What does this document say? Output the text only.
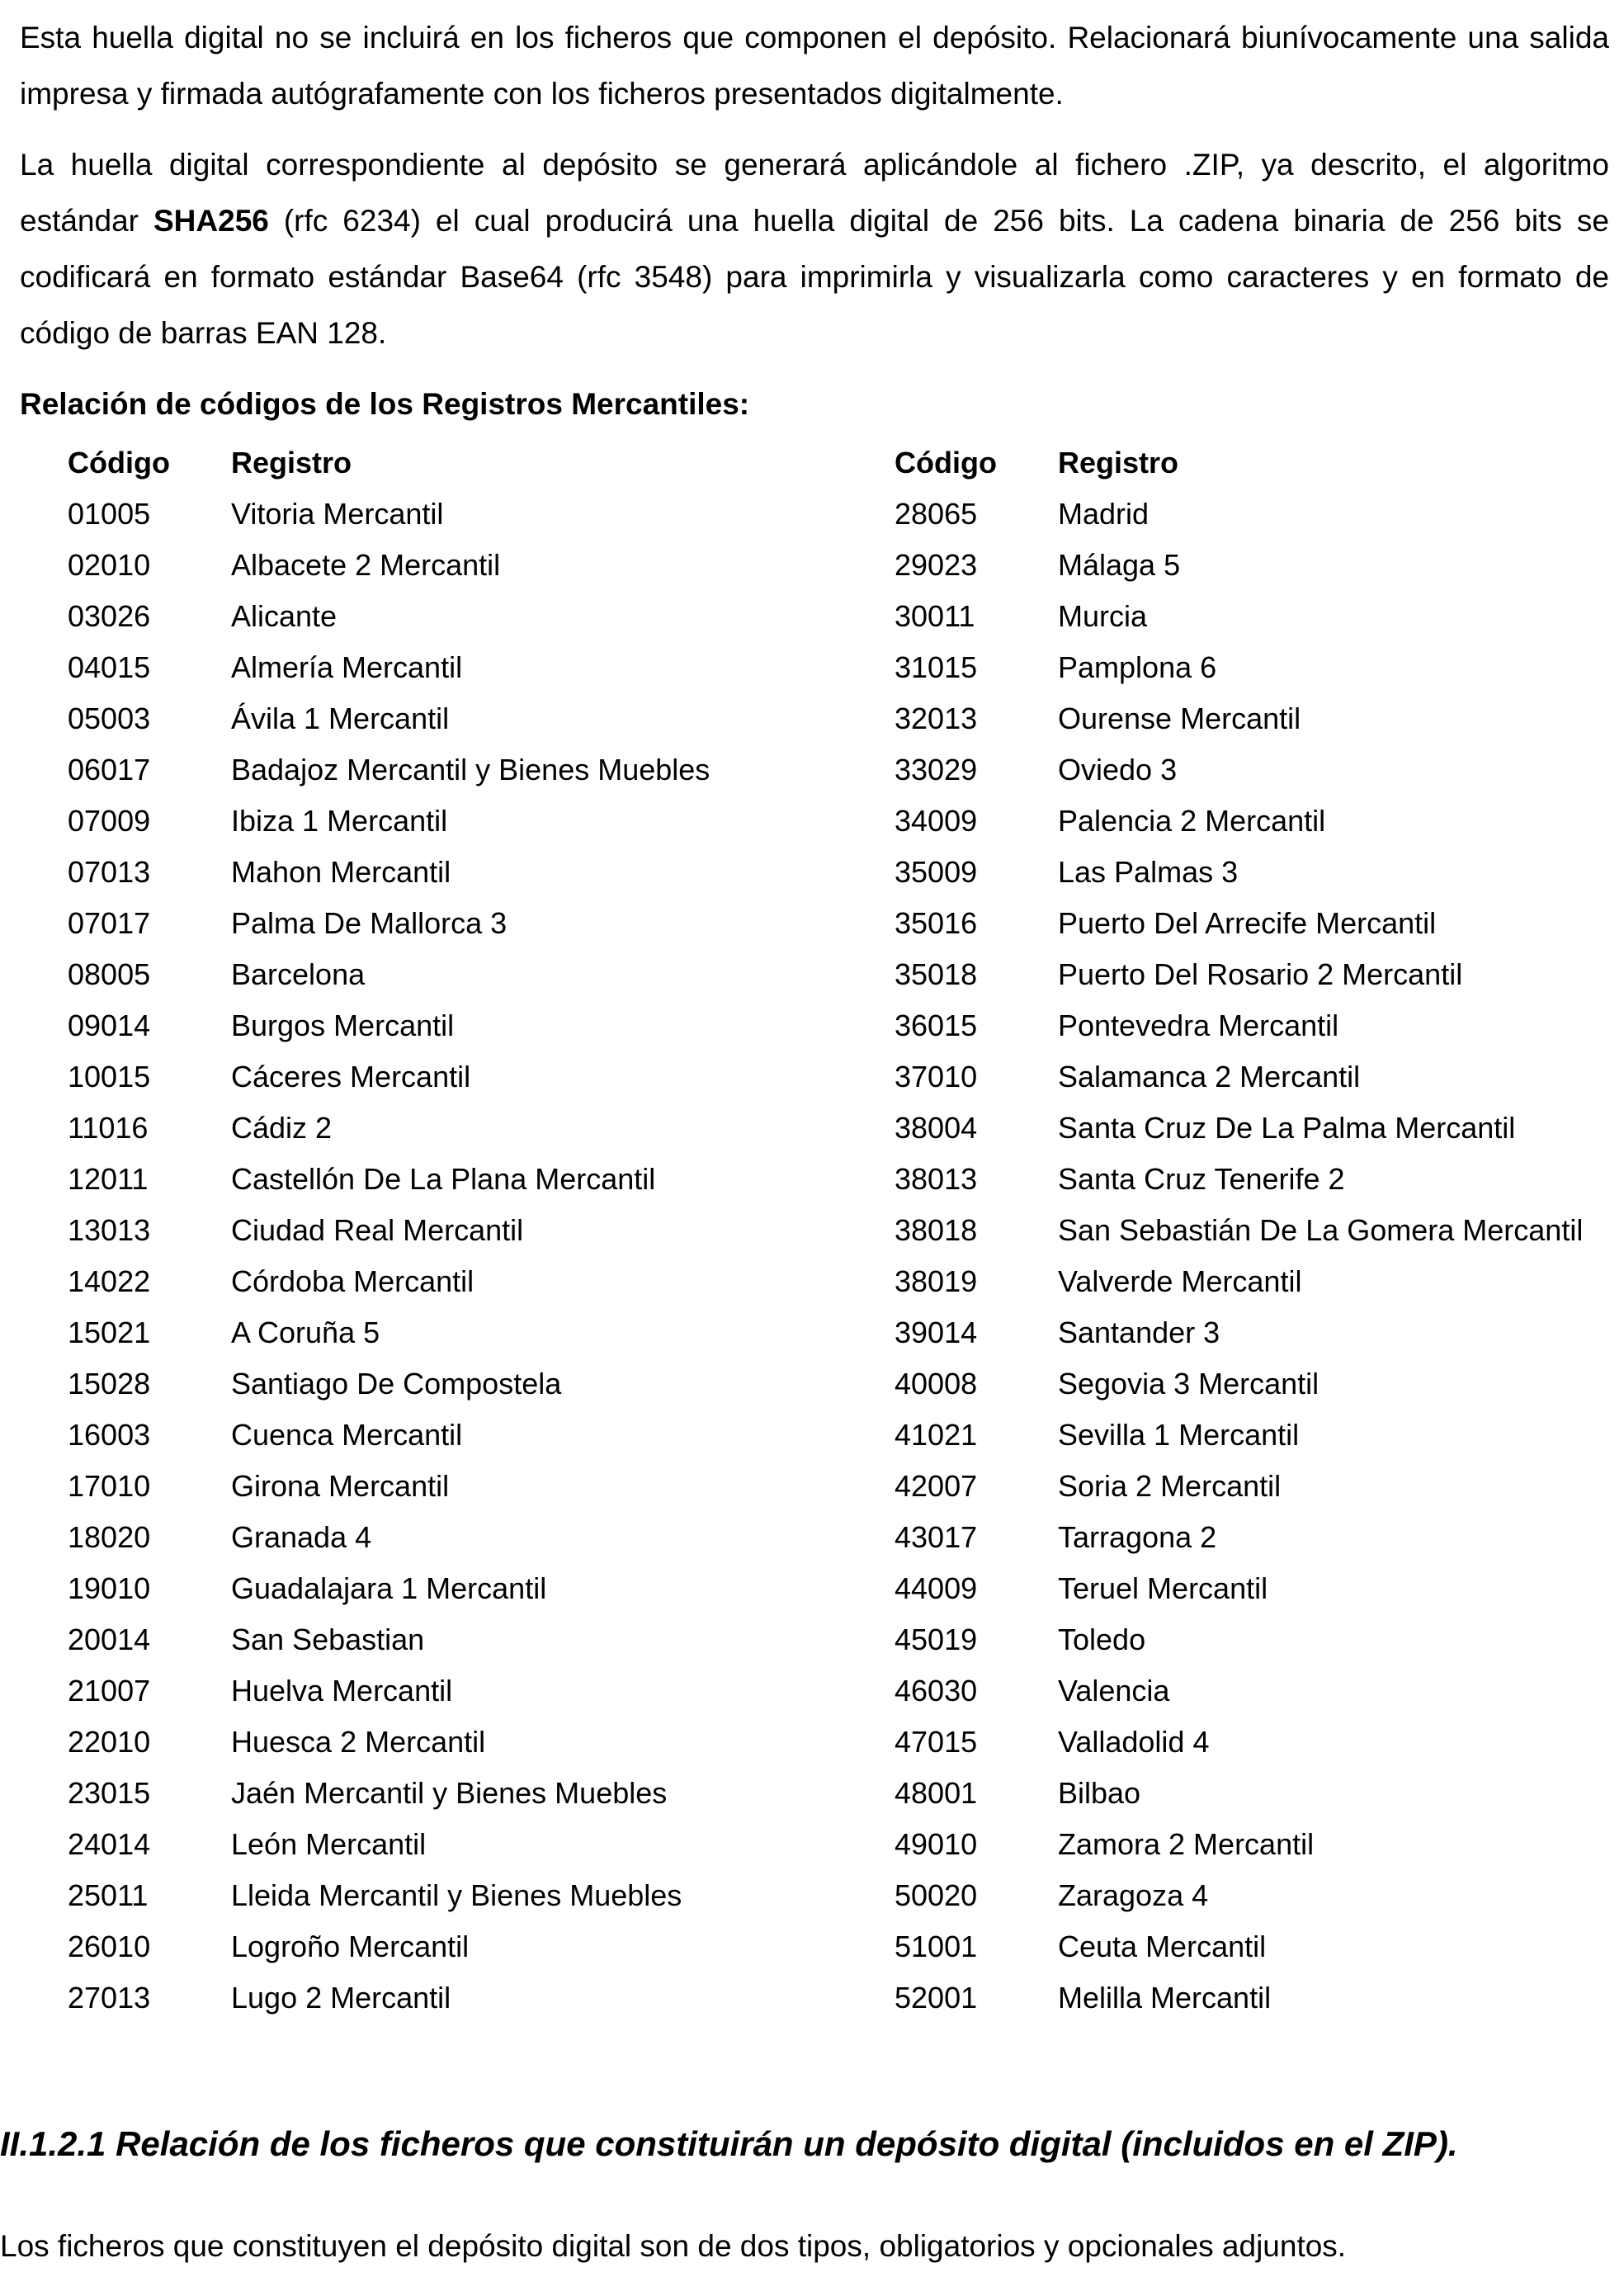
Esta huella digital no se incluirá en los ficheros que componen el depósito. Relacionará biunívocamente una salida impresa y firmada autógrafamente con los ficheros presentados digitalmente.

La huella digital correspondiente al depósito se generará aplicándole al fichero .ZIP, ya descrito, el algoritmo estándar SHA256 (rfc 6234) el cual producirá una huella digital de 256 bits. La cadena binaria de 256 bits se codificará en formato estándar Base64 (rfc 3548) para imprimirla y visualizarla como caracteres y en formato de código de barras EAN 128.

Relación de códigos de los Registros Mercantiles:
Código Registro
01005	Vitoria Mercantil
02010	Albacete 2 Mercantil
03026	Alicante
04015	Almería Mercantil
05003	Ávila 1 Mercantil
06017	Badajoz Mercantil y Bienes Muebles
07009	Ibiza 1 Mercantil
07013	Mahon Mercantil
07017	Palma De Mallorca 3
08005	Barcelona
09014	Burgos Mercantil
10015	Cáceres Mercantil
11016	Cádiz 2
12011	Castellón De La Plana Mercantil
13013	Ciudad Real Mercantil
14022	Córdoba Mercantil
15021	A Coruña 5
15028	Santiago De Compostela
16003	Cuenca Mercantil
17010	Girona Mercantil
18020	Granada 4
19010	Guadalajara 1 Mercantil
20014	San Sebastian
21007	Huelva Mercantil
22010	Huesca 2 Mercantil
23015	Jaén Mercantil y Bienes Muebles
24014	León Mercantil
25011	Lleida Mercantil y Bienes Muebles
26010	Logroño Mercantil
27013	Lugo 2 Mercantil
Código Registro
28065	Madrid
29023	Málaga 5
30011	Murcia
31015	Pamplona 6
32013	Ourense Mercantil
33029	Oviedo 3
34009	Palencia 2 Mercantil
35009	Las Palmas 3
35016	Puerto Del Arrecife Mercantil
35018	Puerto Del Rosario 2 Mercantil
36015	Pontevedra Mercantil
37010	Salamanca 2 Mercantil
38004	Santa Cruz De La Palma Mercantil
38013	Santa Cruz Tenerife 2
38018	San Sebastián De La Gomera Mercantil
38019	Valverde Mercantil
39014	Santander 3
40008	Segovia 3 Mercantil
41021	Sevilla 1 Mercantil
42007	Soria 2 Mercantil
43017	Tarragona 2
44009	Teruel Mercantil
45019	Toledo
46030	Valencia
47015	Valladolid 4
48001	Bilbao
49010	Zamora 2 Mercantil
50020	Zaragoza 4
51001	Ceuta Mercantil
52001	Melilla Mercantil
II.1.2.1 Relación de los ficheros que constituirán un depósito digital (incluidos en el ZIP).
Los ficheros que constituyen el depósito digital son de dos tipos, obligatorios y opcionales adjuntos.
